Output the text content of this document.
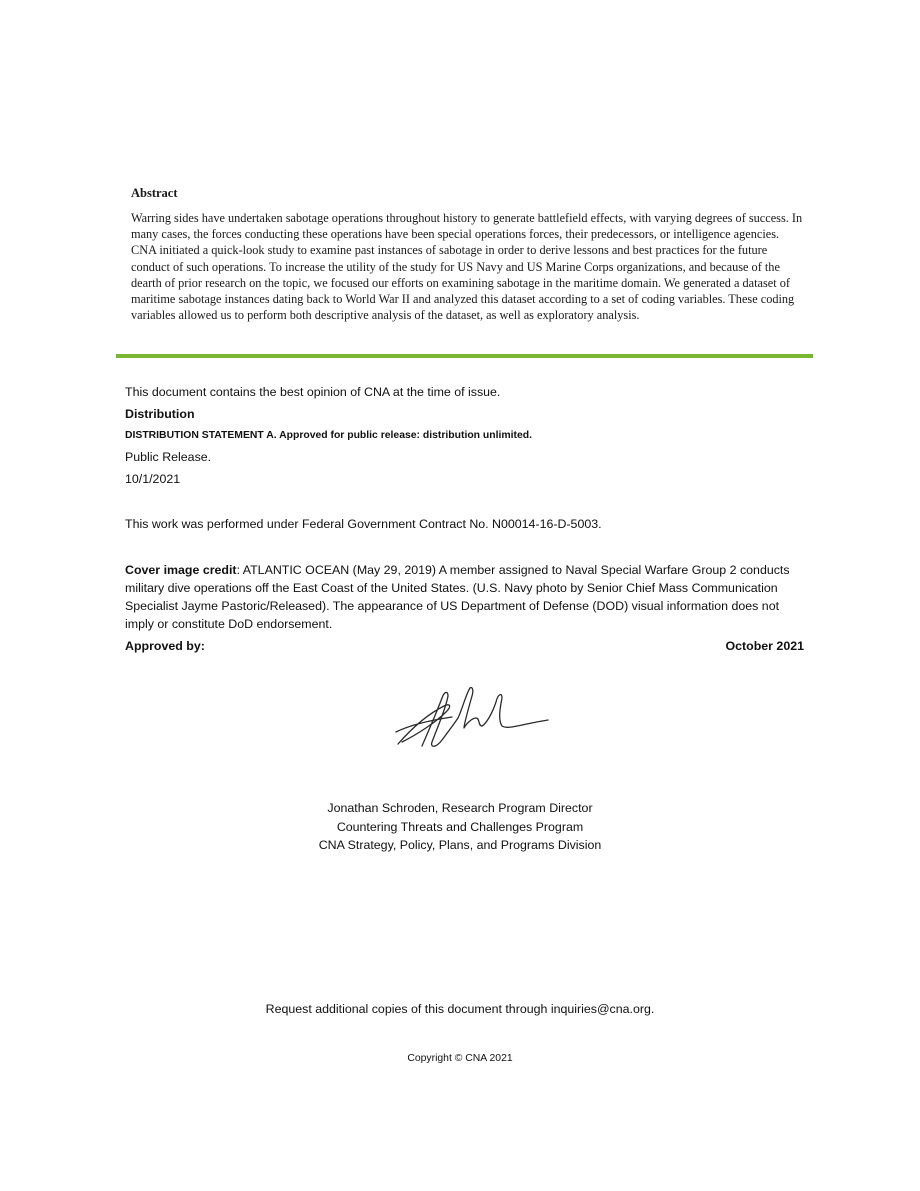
Abstract

Warring sides have undertaken sabotage operations throughout history to generate battlefield effects, with varying degrees of success. In many cases, the forces conducting these operations have been special operations forces, their predecessors, or intelligence agencies. CNA initiated a quick-look study to examine past instances of sabotage in order to derive lessons and best practices for the future conduct of such operations. To increase the utility of the study for US Navy and US Marine Corps organizations, and because of the dearth of prior research on the topic, we focused our efforts on examining sabotage in the maritime domain. We generated a dataset of maritime sabotage instances dating back to World War II and analyzed this dataset according to a set of coding variables. These coding variables allowed us to perform both descriptive analysis of the dataset, as well as exploratory analysis.

This document contains the best opinion of CNA at the time of issue.

Distribution

DISTRIBUTION STATEMENT A. Approved for public release: distribution unlimited.

Public Release.

10/1/2021

This work was performed under Federal Government Contract No. N00014-16-D-5003.

Cover image credit: ATLANTIC OCEAN (May 29, 2019) A member assigned to Naval Special Warfare Group 2 conducts military dive operations off the East Coast of the United States. (U.S. Navy photo by Senior Chief Mass Communication Specialist Jayme Pastoric/Released). The appearance of US Department of Defense (DOD) visual information does not imply or constitute DoD endorsement.

Approved by:	October 2021
Jonathan Schroden, Research Program Director
Countering Threats and Challenges Program
CNA Strategy, Policy, Plans, and Programs Division

Request additional copies of this document through inquiries@cna.org.

Copyright © CNA 2021
